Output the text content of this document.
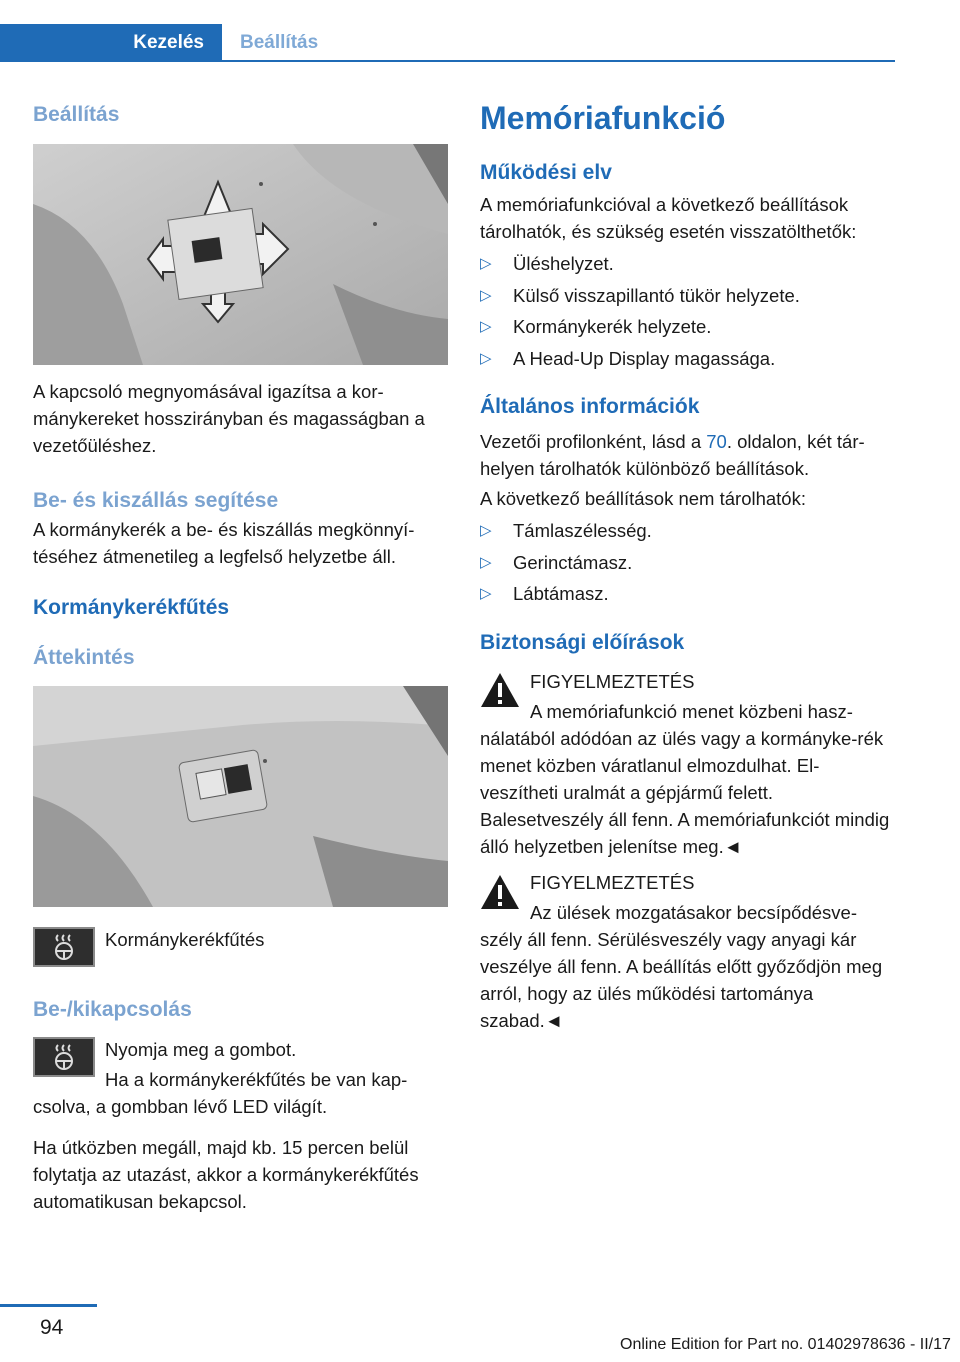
Kezelés Beállítás
Beállítás

A kapcsoló megnyomásával igazítsa a kor-mánykereket hosszirányban és magasságban a vezetőüléshez.

Be- és kiszállás segítése

A kormánykerék a be- és kiszállás megkönnyí-téséhez átmenetileg a legfelső helyzetbe áll.

Kormánykerékfűtés
Áttekintés
Kormánykerékfűtés
Be-/kikapcsolás

Nyomja meg a gombot.

Ha a kormánykerékfűtés be van kap-

csolva, a gombban lévő LED világít.

Ha útközben megáll, majd kb. 15 percen belül folytatja az utazást, akkor a kormánykerékfűtés automatikusan bekapcsol.

Memóriafunkció
Működési elv

A memóriafunkcióval a következő beállítások tárolhatók, és szükség esetén visszatölthetők:

▷ Üléshelyzet.
▷ Külső visszapillantó tükör helyzete.
▷ Kormánykerék helyzete.
▷ A Head-Up Display magassága.
Általános információk

Vezetői profilonként, lásd a 70. oldalon, két tár-helyen tárolhatók különböző beállítások.

A következő beállítások nem tárolhatók:

▷ Támlaszélesség.
▷ Gerinctámasz.
▷ Lábtámasz.
Biztonsági előírások

FIGYELMEZTETÉS

A memóriafunkció menet közbeni hasz-

nálatából adódóan az ülés vagy a kormányke-rék menet közben váratlanul elmozdulhat. El-veszítheti uralmát a gépjármű felett. Balesetveszély áll fenn. A memóriafunkciót mindig álló helyzetben jelenítse meg.◄

FIGYELMEZTETÉS

Az ülések mozgatásakor becsípődésve-

szély áll fenn. Sérülésveszély vagy anyagi kár veszélye áll fenn. A beállítás előtt győződjön meg arról, hogy az ülés működési tartománya szabad.◄

94
Online Edition for Part no. 01402978636 - II/17
